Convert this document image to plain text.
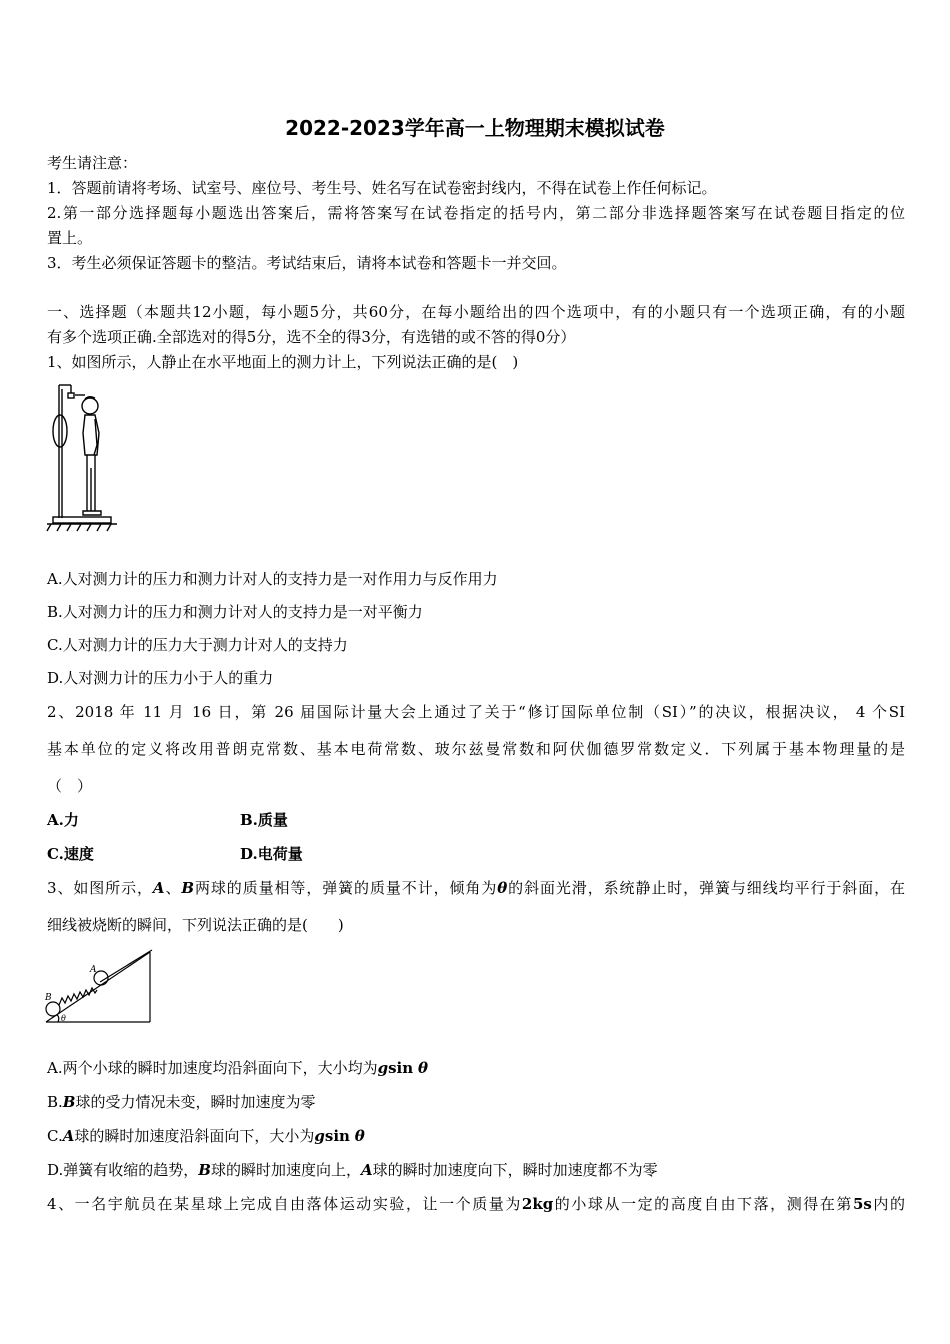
2022-2023学年高一上物理期末模拟试卷
考生请注意：
1．答题前请将考场、试室号、座位号、考生号、姓名写在试卷密封线内，不得在试卷上作任何标记。
2.第一部分选择题每小题选出答案后，需将答案写在试卷指定的括号内，第二部分非选择题答案写在试卷题目指定的位
置上。
3．考生必须保证答题卡的整洁。考试结束后，请将本试卷和答题卡一并交回。
一、选择题（本题共12小题，每小题5分，共60分，在每小题给出的四个选项中，有的小题只有一个选项正确，有的小题
有多个选项正确.全部选对的得5分，选不全的得3分，有选错的或不答的得0分）
1、如图所示，人静止在水平地面上的测力计上，下列说法正确的是(　)
A.人对测力计的压力和测力计对人的支持力是一对作用力与反作用力
B.人对测力计的压力和测力计对人的支持力是一对平衡力
C.人对测力计的压力大于测力计对人的支持力
D.人对测力计的压力小于人的重力
2、2018 年 11 月 16 日，第 26 届国际计量大会上通过了关于“修订国际单位制（SI）”的决议，根据决议， 4 个SI
基本单位的定义将改用普朗克常数、基本电荷常数、玻尔兹曼常数和阿伏伽德罗常数定义．下列属于基本物理量的是
（　）
A.力	B.质量
C.速度	D.电荷量
3、如图所示，A、B两球的质量相等，弹簧的质量不计，倾角为θ的斜面光滑，系统静止时，弹簧与细线均平行于斜面，在
细线被烧断的瞬间，下列说法正确的是(　　)
A
B
θ
A.两个小球的瞬时加速度均沿斜面向下，大小均为gsin θ
B.B球的受力情况未变，瞬时加速度为零
C.A球的瞬时加速度沿斜面向下，大小为gsin θ
D.弹簧有收缩的趋势，B球的瞬时加速度向上，A球的瞬时加速度向下，瞬时加速度都不为零
4、一名宇航员在某星球上完成自由落体运动实验，让一个质量为2kg的小球从一定的高度自由下落，测得在第5s内的
